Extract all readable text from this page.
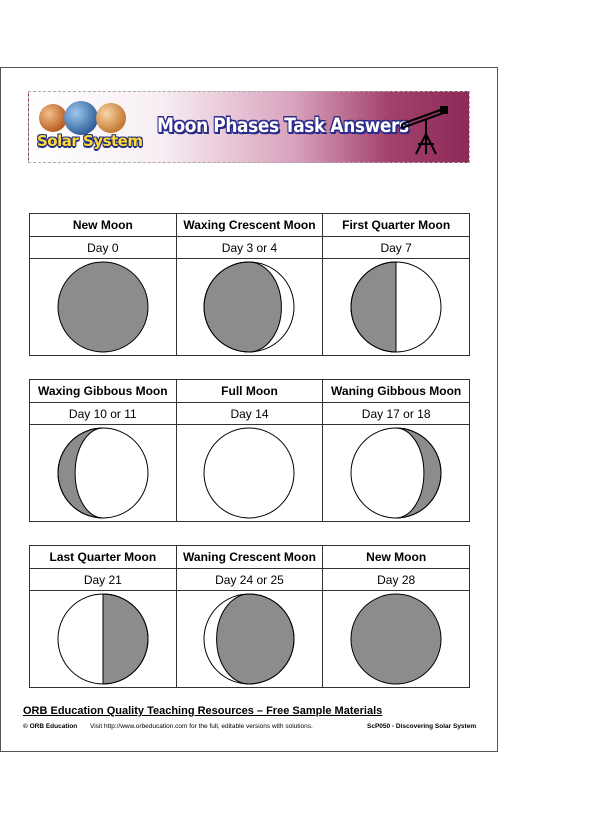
Solar System
Moon Phases Task Answers
New Moon	Waxing Crescent Moon	First Quarter Moon
Day 0	Day 3 or 4	Day 7

Waxing Gibbous Moon	Full Moon	Waning Gibbous Moon
Day 10 or 11	Day 14	Day 17 or 18

Last Quarter Moon	Waning Crescent Moon	New Moon
Day 21	Day 24 or 25	Day 28

ORB Education Quality Teaching Resources – Free Sample Materials
© ORB Education Visit http://www.orbeducation.com for the full, editable versions with solutions.	ScP050 - Discovering Solar System
